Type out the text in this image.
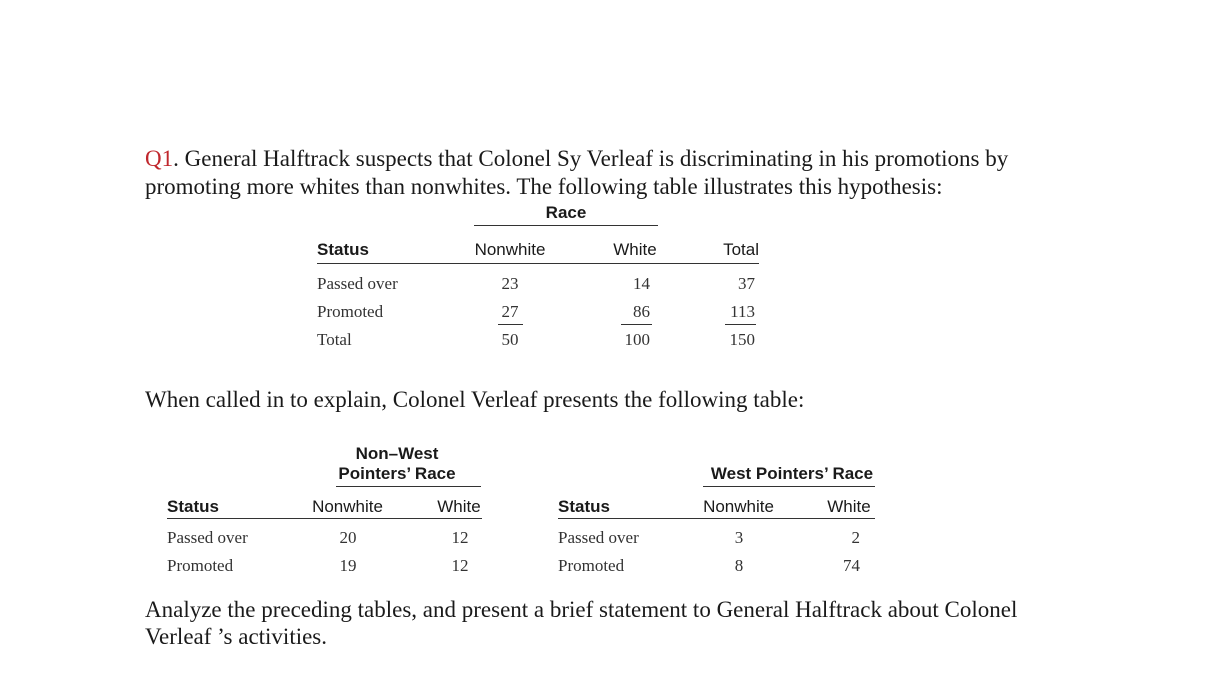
Q1. General Halftrack suspects that Colonel Sy Verleaf is discriminating in his promotions by
promoting more whites than nonwhites. The following table illustrates this hypothesis:
Race
Status	Nonwhite	White	Total
Passed over	23	14	37
Promoted	27	86	113
Total	50	100	150
When called in to explain, Colonel Verleaf presents the following table:
Non–West
Pointers’ Race
Status	Nonwhite	White
Passed over	20	12
Promoted	19	12
West Pointers’ Race
Status	Nonwhite	White
Passed over	3	2
Promoted	8	74
Analyze the preceding tables, and present a brief statement to General Halftrack about Colonel
Verleaf ’s activities.
